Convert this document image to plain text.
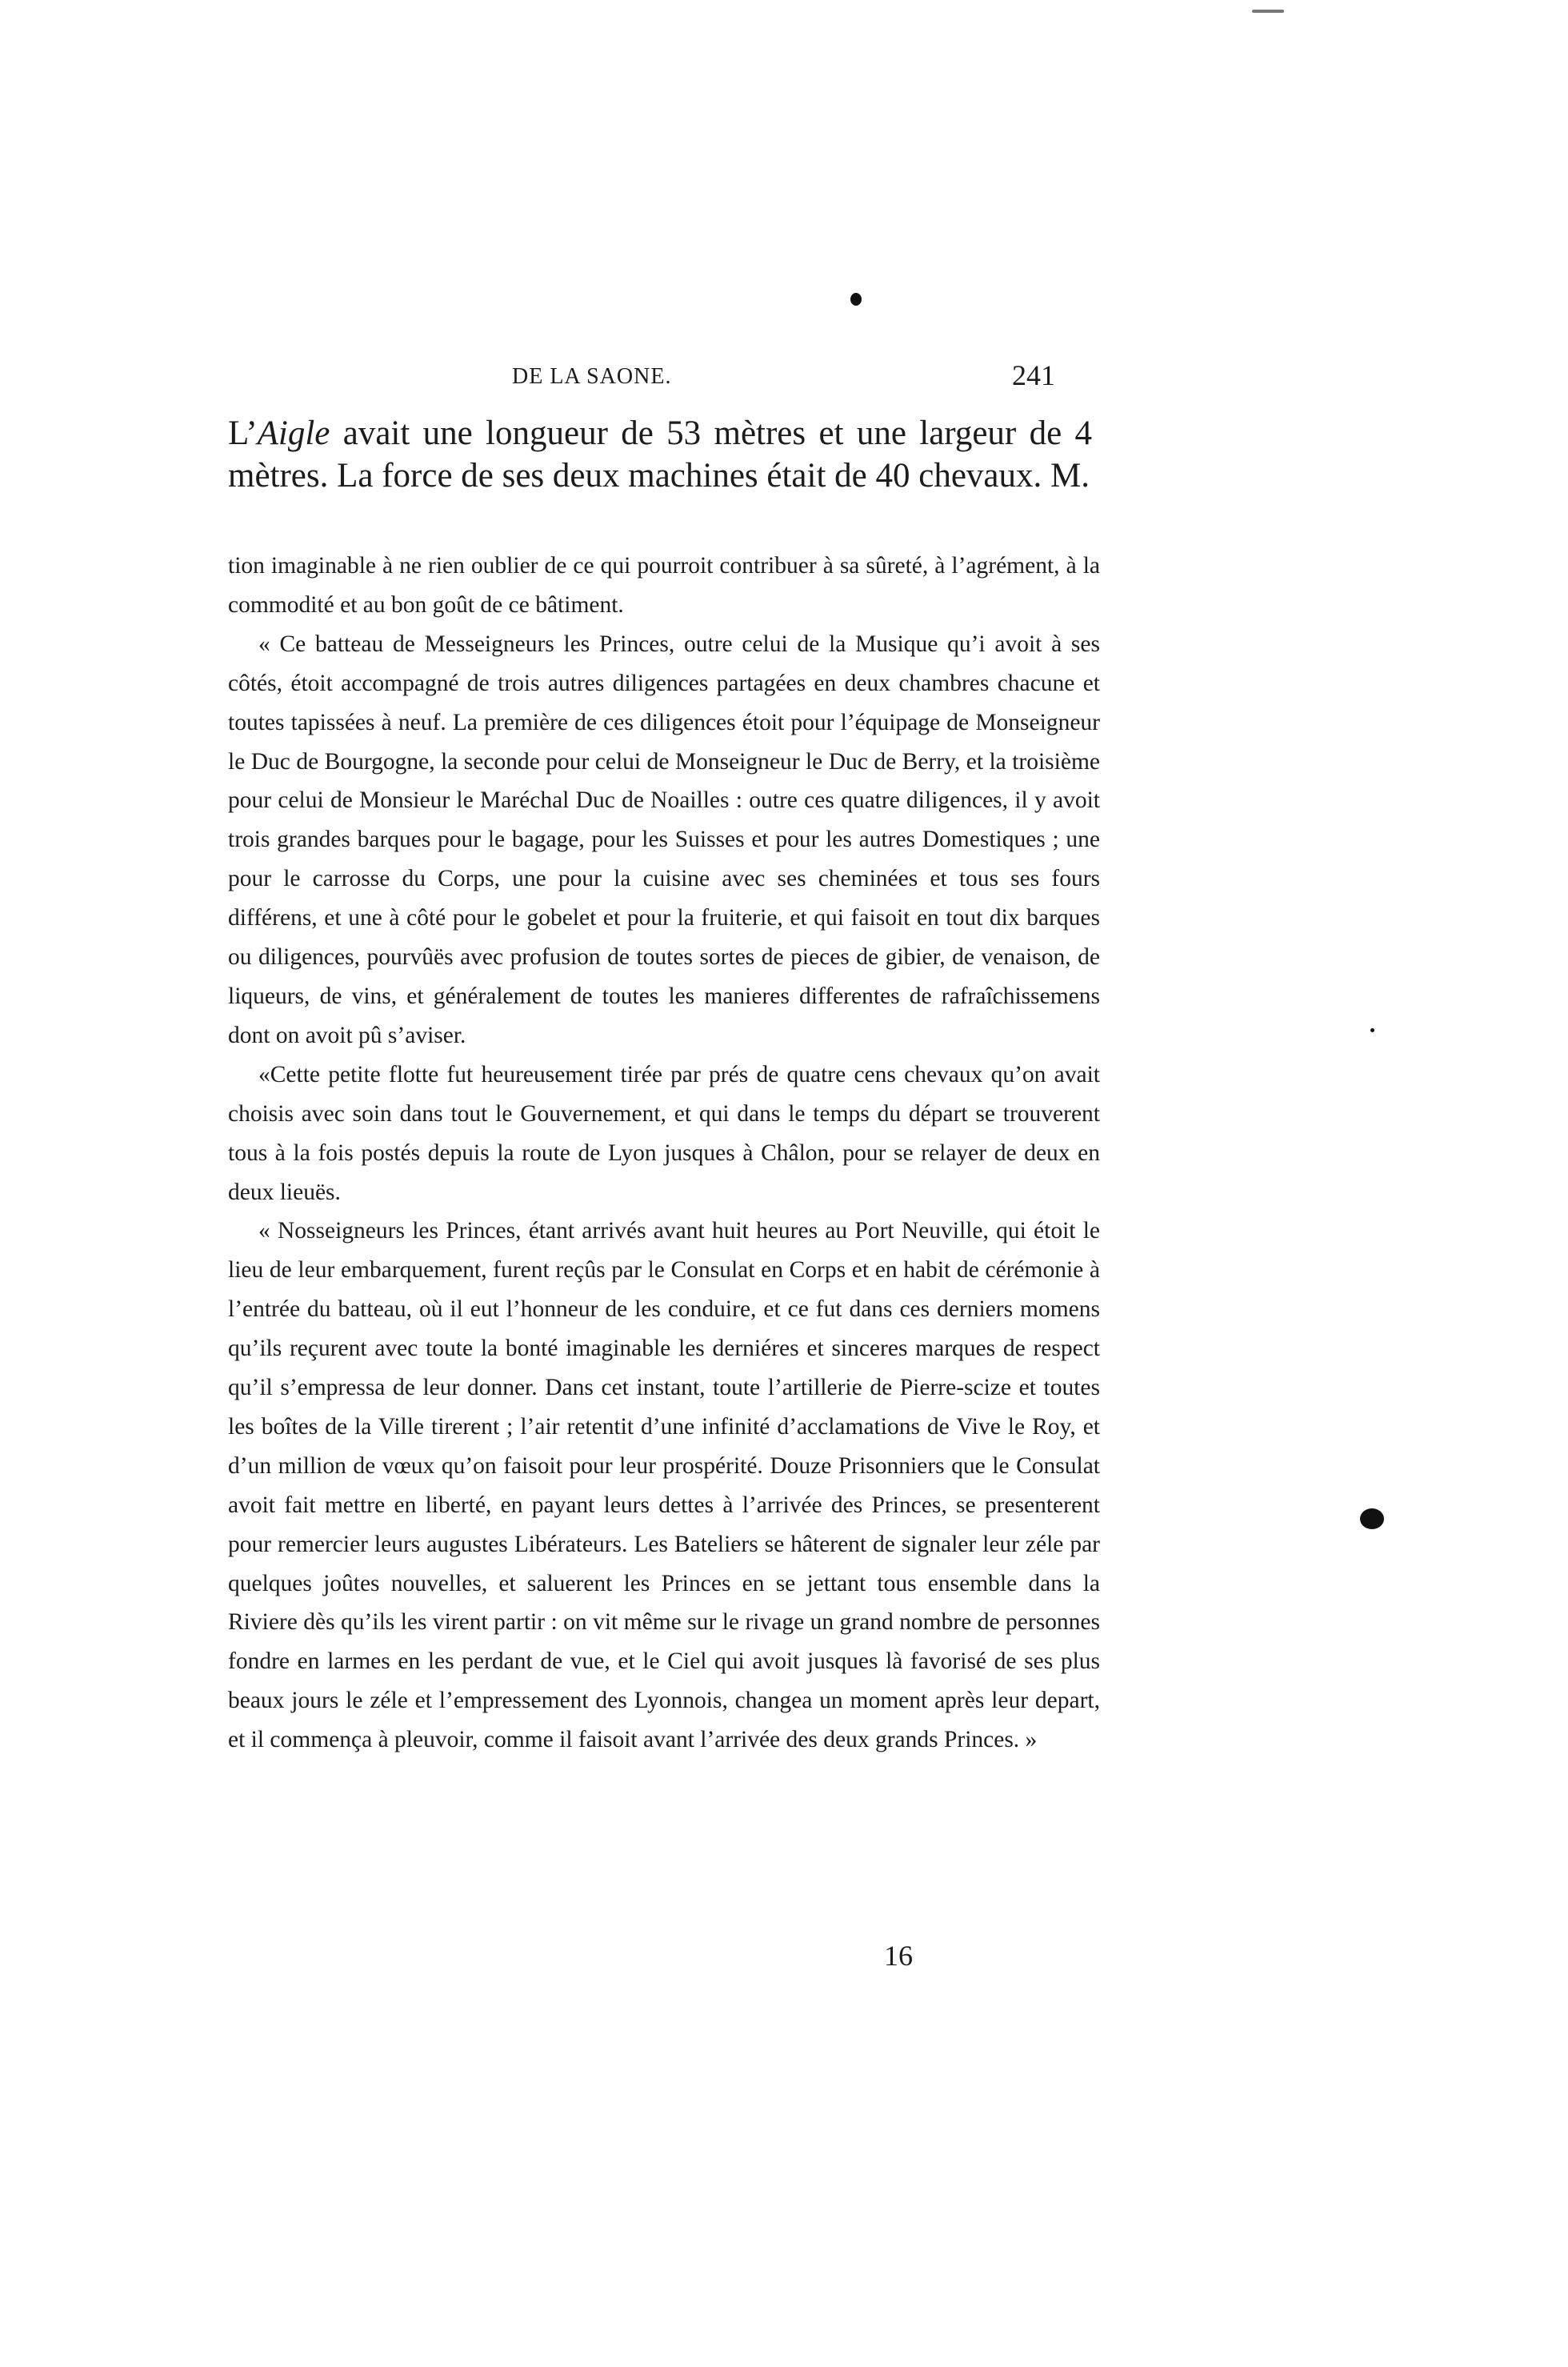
DE LA SAONE.	241
L’Aigle avait une longueur de 53 mètres et une largeur de 4 mètres. La force de ses deux machines était de 40 chevaux. M.

tion imaginable à ne rien oublier de ce qui pourroit contribuer à sa sûreté, à l’agrément, à la commodité et au bon goût de ce bâtiment.

« Ce batteau de Messeigneurs les Princes, outre celui de la Musique qu’i avoit à ses côtés, étoit accompagné de trois autres diligences partagées en deux chambres chacune et toutes tapissées à neuf. La première de ces diligences étoit pour l’équipage de Monseigneur le Duc de Bourgogne, la seconde pour celui de Monseigneur le Duc de Berry, et la troisième pour celui de Monsieur le Maréchal Duc de Noailles : outre ces quatre diligences, il y avoit trois grandes barques pour le bagage, pour les Suisses et pour les autres Domestiques ; une pour le carrosse du Corps, une pour la cuisine avec ses cheminées et tous ses fours différens, et une à côté pour le gobelet et pour la fruiterie, et qui faisoit en tout dix barques ou diligences, pourvûës avec profusion de toutes sortes de pieces de gibier, de venaison, de liqueurs, de vins, et généralement de toutes les manieres differentes de rafraîchissemens dont on avoit pû s’aviser.

«Cette petite flotte fut heureusement tirée par prés de quatre cens chevaux qu’on avait choisis avec soin dans tout le Gouvernement, et qui dans le temps du départ se trouverent tous à la fois postés depuis la route de Lyon jusques à Châlon, pour se relayer de deux en deux lieuës.

« Nosseigneurs les Princes, étant arrivés avant huit heures au Port Neuville, qui étoit le lieu de leur embarquement, furent reçûs par le Consulat en Corps et en habit de cérémonie à l’entrée du batteau, où il eut l’honneur de les conduire, et ce fut dans ces derniers momens qu’ils reçurent avec toute la bonté imaginable les derniéres et sinceres marques de respect qu’il s’empressa de leur donner. Dans cet instant, toute l’artillerie de Pierre-scize et toutes les boîtes de la Ville tirerent ; l’air retentit d’une infinité d’acclamations de Vive le Roy, et d’un million de vœux qu’on faisoit pour leur prospérité. Douze Prisonniers que le Consulat avoit fait mettre en liberté, en payant leurs dettes à l’arrivée des Princes, se presenterent pour remercier leurs augustes Libérateurs. Les Bateliers se hâterent de signaler leur zéle par quelques joûtes nouvelles, et saluerent les Princes en se jettant tous ensemble dans la Riviere dès qu’ils les virent partir : on vit même sur le rivage un grand nombre de personnes fondre en larmes en les perdant de vue, et le Ciel qui avoit jusques là favorisé de ses plus beaux jours le zéle et l’empressement des Lyonnois, changea un moment après leur depart, et il commença à pleuvoir, comme il faisoit avant l’arrivée des deux grands Princes. »

16
